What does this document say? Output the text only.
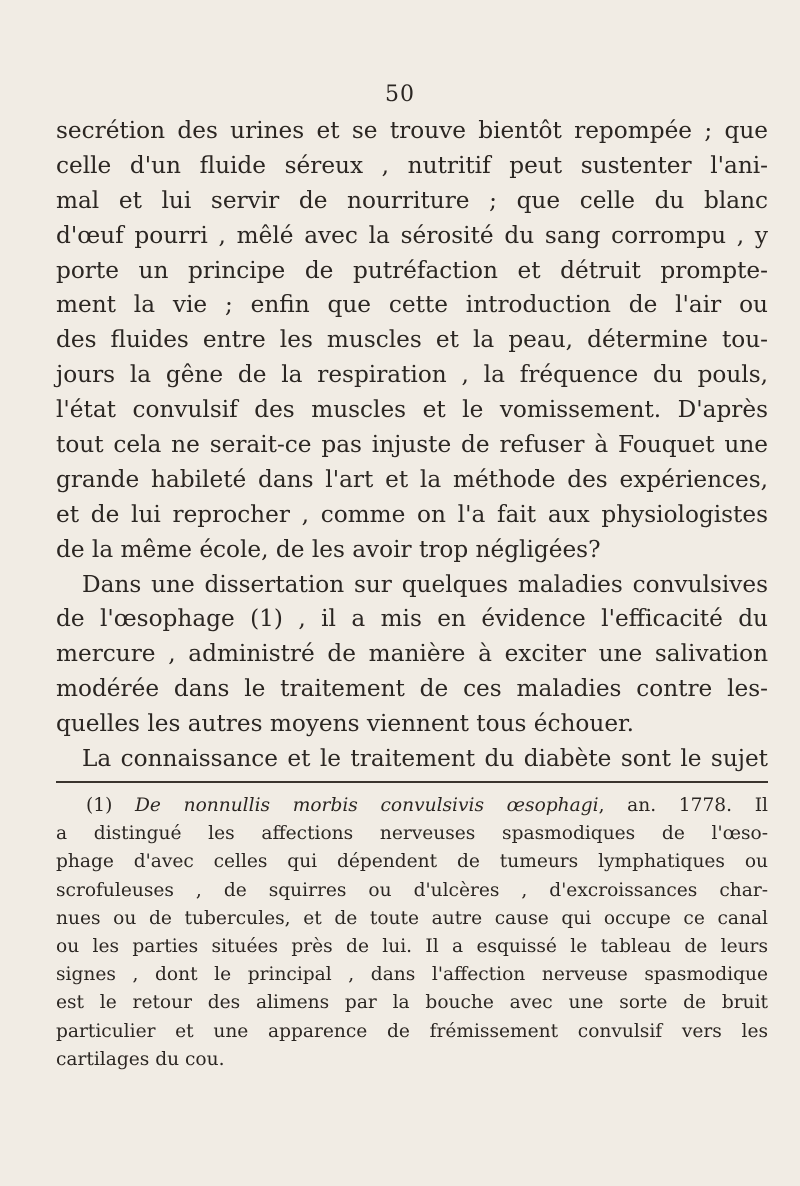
50
secrétion des urines et se trouve bientôt repompée ; que
celle d'un fluide séreux , nutritif peut sustenter l'ani-
mal et lui servir de nourriture ; que celle du blanc
d'œuf pourri , mêlé avec la sérosité du sang corrompu , y
porte un principe de putréfaction et détruit prompte-
ment la vie ; enfin que cette introduction de l'air ou
des fluides entre les muscles et la peau, détermine tou-
jours la gêne de la respiration , la fréquence du pouls,
l'état convulsif des muscles et le vomissement. D'après
tout cela ne serait-ce pas injuste de refuser à Fouquet une
grande habileté dans l'art et la méthode des expériences,
et de lui reprocher , comme on l'a fait aux physiologistes
de la même école, de les avoir trop négligées?
Dans une dissertation sur quelques maladies convulsives
de l'œsophage (1) , il a mis en évidence l'efficacité du
mercure , administré de manière à exciter une salivation
modérée dans le traitement de ces maladies contre les-
quelles les autres moyens viennent tous échouer.
La connaissance et le traitement du diabète sont le sujet
(1) De nonnullis morbis convulsivis œsophagi, an. 1778. Il
a distingué les affections nerveuses spasmodiques de l'œso-
phage d'avec celles qui dépendent de tumeurs lymphatiques ou
scrofuleuses , de squirres ou d'ulcères , d'excroissances char-
nues ou de tubercules, et de toute autre cause qui occupe ce canal
ou les parties situées près de lui. Il a esquissé le tableau de leurs
signes , dont le principal , dans l'affection nerveuse spasmodique
est le retour des alimens par la bouche avec une sorte de bruit
particulier et une apparence de frémissement convulsif vers les
cartilages du cou.
